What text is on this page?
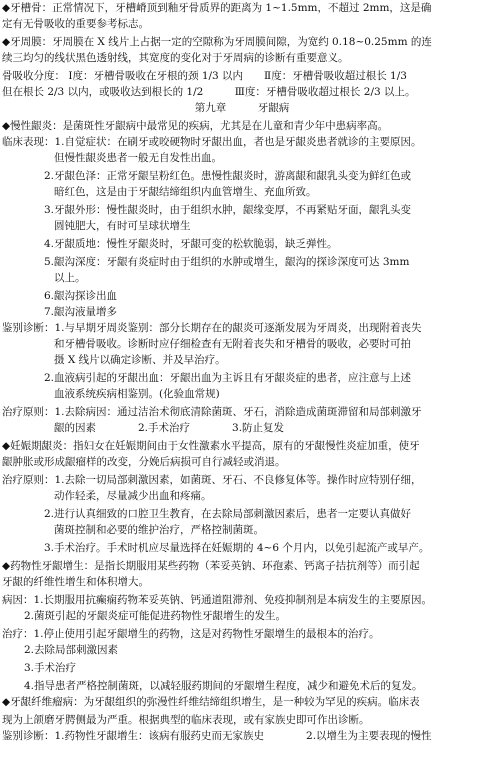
◆牙槽骨：正常情况下，牙槽嵴顶到釉牙骨质界的距离为 1~1.5mm，不超过 2mm，这是确
定有无骨吸收的重要参考标志。
◆牙周膜：牙周膜在 X 线片上占据一定的空隙称为牙周膜间隙，为宽约 0.18~0.25mm 的连
续三均匀的线状黑色透射线，其宽度的变化对于牙周病的诊断有重要意义。
骨吸收分度： Ⅰ度：牙槽骨吸收在牙根的颈 1/3 以内　　Ⅱ度：牙槽骨吸收超过根长 1/3
但在根长 2/3 以内，或吸收达到根长的 1/2　　　Ⅲ度：牙槽骨吸收超过根长 2/3 以上。
第九章　　　牙龈病
◆慢性龈炎：是菌斑性牙龈病中最常见的疾病，尤其是在儿童和青少年中患病率高。
临床表现：1.自觉症状：在刷牙或咬硬物时牙龈出血，者也是牙龈炎患者就诊的主要原因。
但慢性龈炎患者一般无自发性出血。
2.牙龈色泽：正常牙龈呈粉红色。患慢性龈炎时，游离龈和龈乳头变为鲜红色或
暗红色，这是由于牙龈结缔组织内血管增生、充血所致。
3.牙龈外形：慢性龈炎时，由于组织水肿，龈缘变厚，不再紧贴牙面，龈乳头变
圆钝肥大，有时可呈球状增生
4.牙龈质地：慢性牙龈炎时，牙龈可变的松软脆弱，缺乏弹性。
5.龈沟深度：牙龈有炎症时由于组织的水肿或增生，龈沟的探诊深度可达 3mm
以上。
6.龈沟探诊出血
7.龈沟液量增多
鉴别诊断：1.与早期牙周炎鉴别：部分长期存在的龈炎可逐渐发展为牙周炎，出现附着丧失
和牙槽骨吸收。诊断时应仔细检查有无附着丧失和牙槽骨的吸收，必要时可拍
摄 X 线片以确定诊断、并及早治疗。
2.血液病引起的牙龈出血：牙龈出血为主诉且有牙龈炎症的患者，应注意与上述
血液系统疾病相鉴别。(化验血常规)
治疗原则：1.去除病因：通过洁治术彻底清除菌斑、牙石，消除造成菌斑滞留和局部刺激牙
龈的因素　　　　2.手术治疗　　　　3.防止复发
◆妊娠期龈炎：指妇女在妊娠期间由于女性激素水平提高，原有的牙龈慢性炎症加重，使牙
龈肿胀或形成龈瘤样的改变，分娩后病损可自行减轻或消退。
治疗原则：1.去除一切局部刺激因素，如菌斑、牙石、不良修复体等。操作时应特别仔细，
动作轻柔，尽量减少出血和疼痛。
2.进行认真细致的口腔卫生教育，在去除局部刺激因素后，患者一定要认真做好
菌斑控制和必要的维护治疗，严格控制菌斑。
3.手术治疗。手术时机应尽量选择在妊娠期的 4~6 个月内，以免引起流产或早产。
◆药物性牙龈增生：是指长期服用某些药物（苯妥英钠、环孢素、钙离子拮抗剂等）而引起
牙龈的纤维性增生和体积增大。
病因：1.长期服用抗癫痫药物苯妥英钠、钙通道阻滞剂、免疫抑制剂是本病发生的主要原因。
2.菌斑引起的牙龈炎症可能促进药物性牙龈增生的发生。
治疗：1.停止使用引起牙龈增生的药物，这是对药物性牙龈增生的最根本的治疗。
2.去除局部刺激因素
3.手术治疗
4.指导患者严格控制菌斑，以减轻服药期间的牙龈增生程度，减少和避免术后的复发。
◆牙龈纤维瘤病：为牙龈组织的弥漫性纤维结缔组织增生，是一种较为罕见的疾病。临床表
现为上颌磨牙腭侧最为严重。根据典型的临床表现，或有家族史即可作出诊断。
鉴别诊断：1.药物性牙龈增生：该病有服药史而无家族史　　　　2.以增生为主要表现的慢性
